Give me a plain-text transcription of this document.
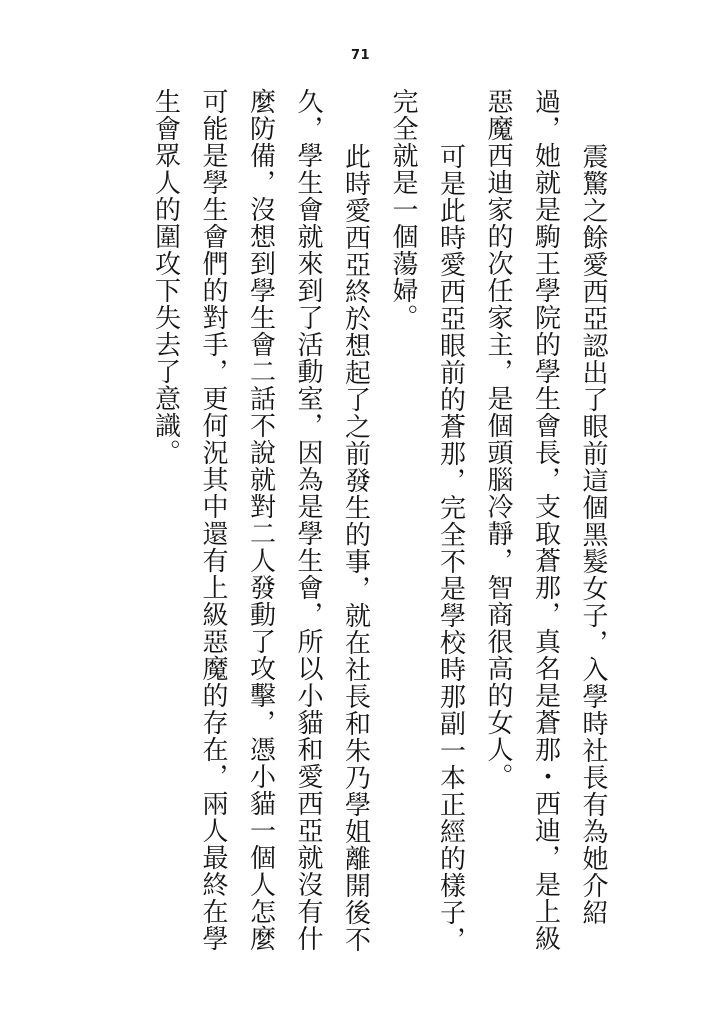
71

震驚之餘愛西亞認出了眼前這個黑髮女子，入學時社長有為她介紹過，她就是駒王學院的學生會長，支取蒼那，真名是蒼那・西迪，是上級惡魔西迪家的次任家主，是個頭腦冷靜，智商很高的女人。

可是此時愛西亞眼前的蒼那，完全不是學校時那副一本正經的樣子，完全就是一個蕩婦。

此時愛西亞終於想起了之前發生的事，就在社長和朱乃學姐離開後不久，學生會就來到了活動室，因為是學生會，所以小貓和愛西亞就沒有什麼防備，沒想到學生會二話不說就對二人發動了攻擊，憑小貓一個人怎麼可能是學生會們的對手，更何況其中還有上級惡魔的存在，兩人最終在學生會眾人的圍攻下失去了意識。
